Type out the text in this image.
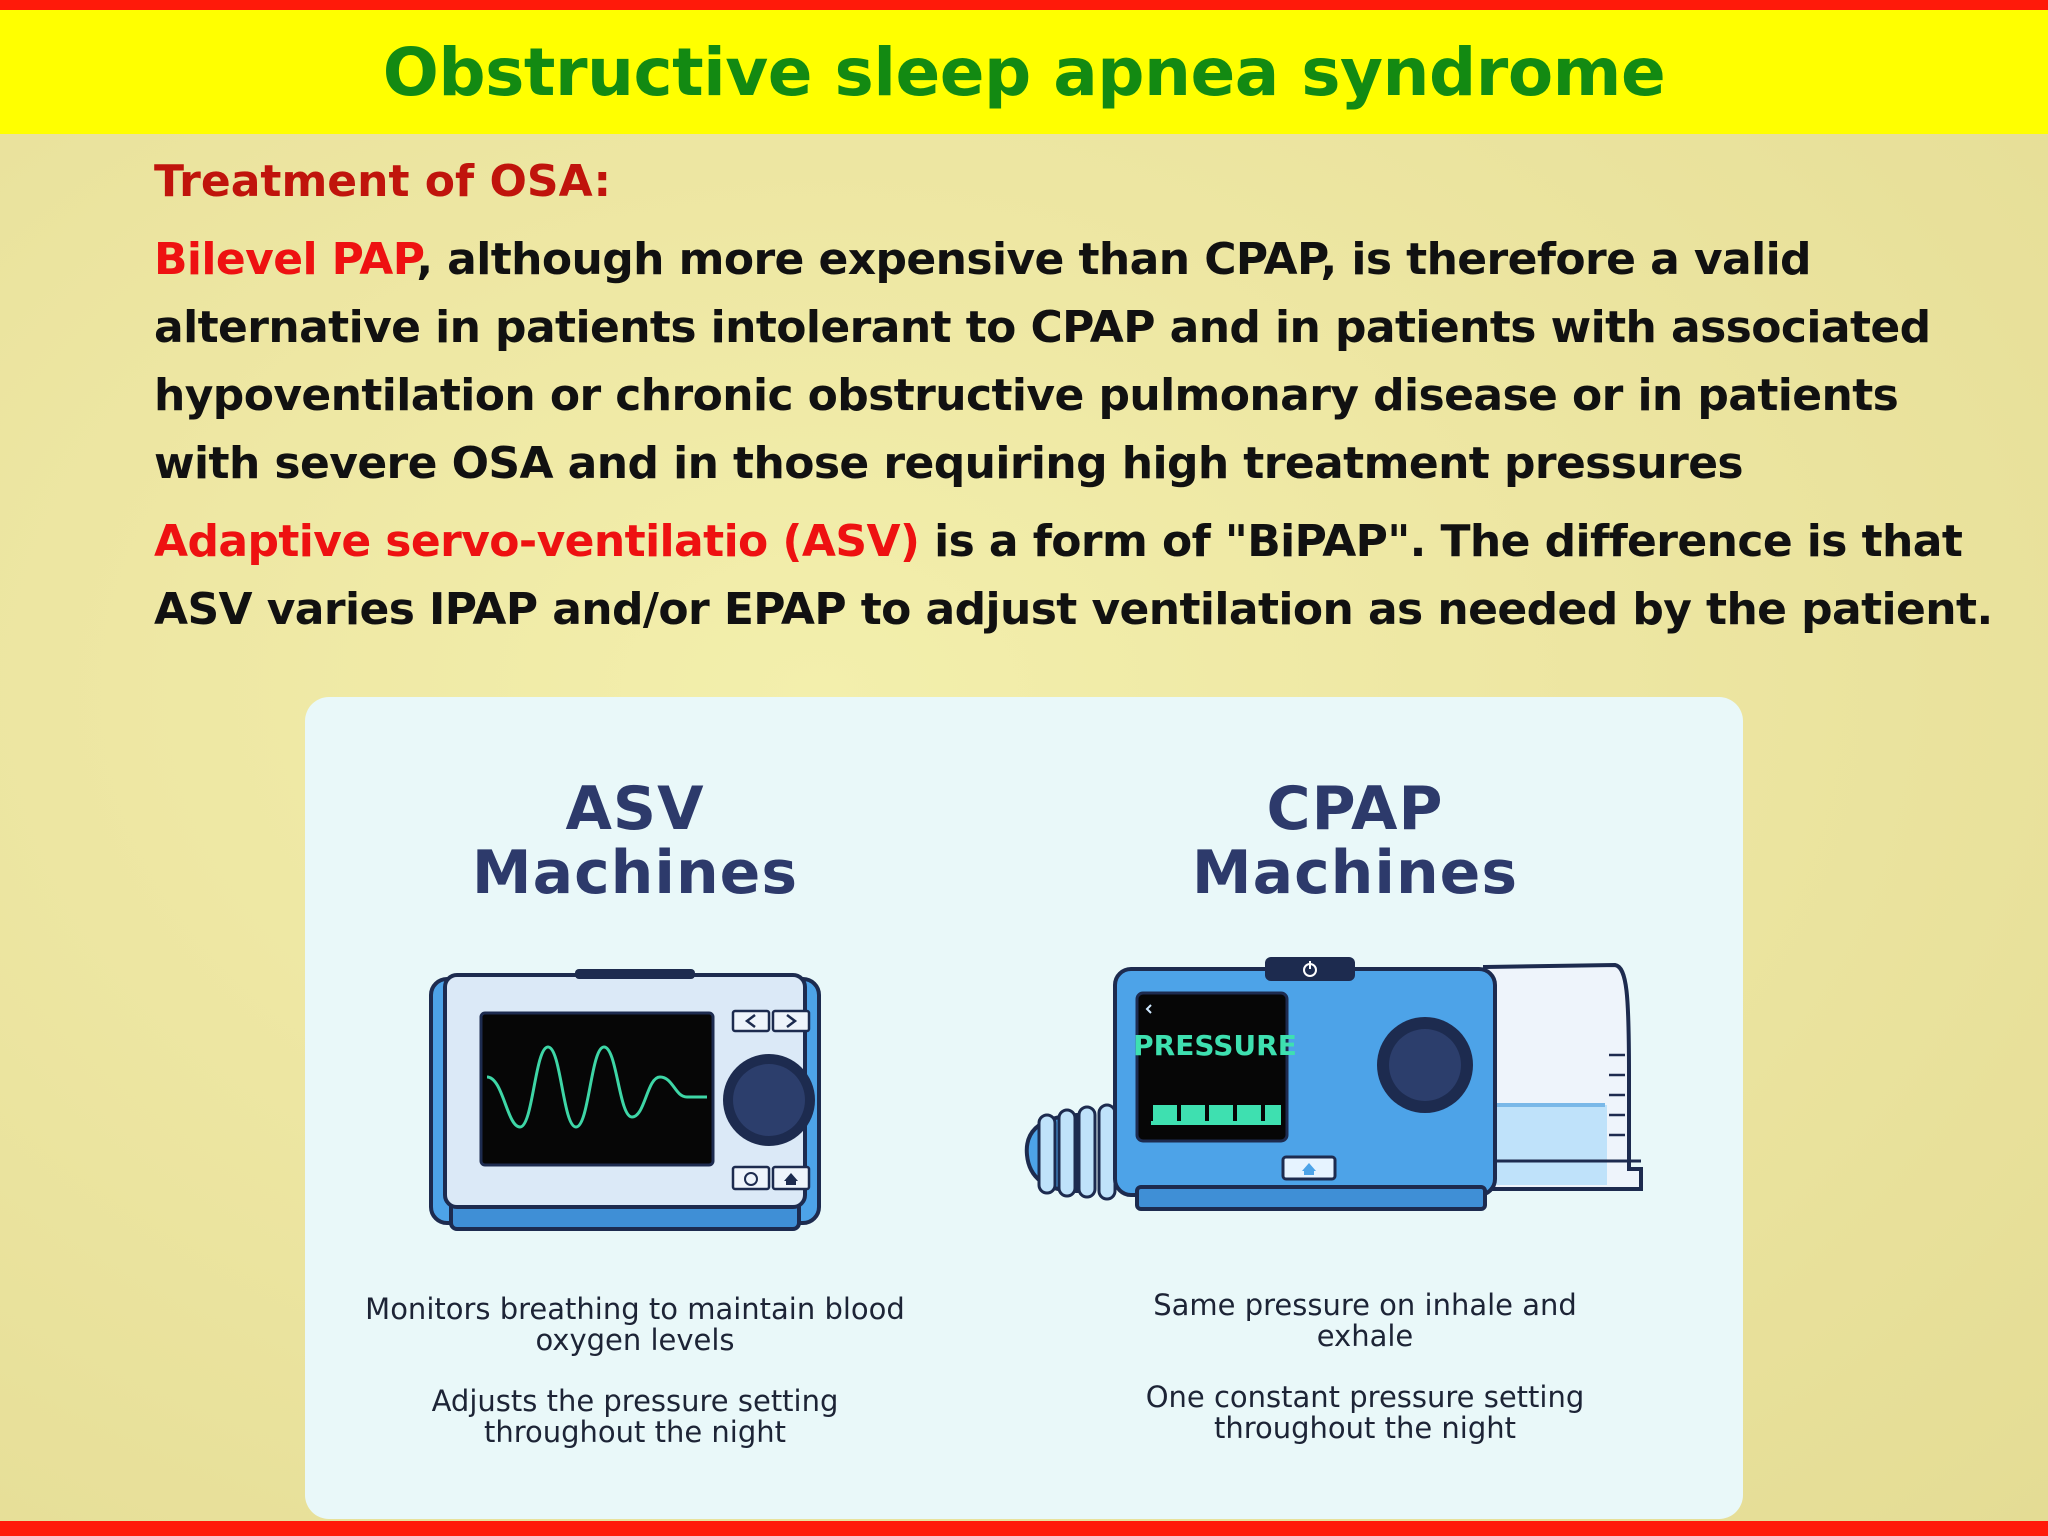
Obstructive sleep apnea syndrome
Treatment of OSA:
Bilevel PAP, although more expensive than CPAP, is therefore a valid alternative in patients intolerant to CPAP and in patients with associated hypoventilation or chronic obstructive pulmonary disease or in patients with severe OSA and in those requiring high treatment pressures
Adaptive servo-ventilatio (ASV) is a form of "BiPAP". The difference is that ASV varies IPAP and/or EPAP to adjust ventilation as needed by the patient.
ASV
Machines

Monitors breathing to maintain blood oxygen levels

Adjusts the pressure setting throughout the night

CPAP
Machines
PRESSURE

Same pressure on inhale and exhale

One constant pressure setting throughout the night
